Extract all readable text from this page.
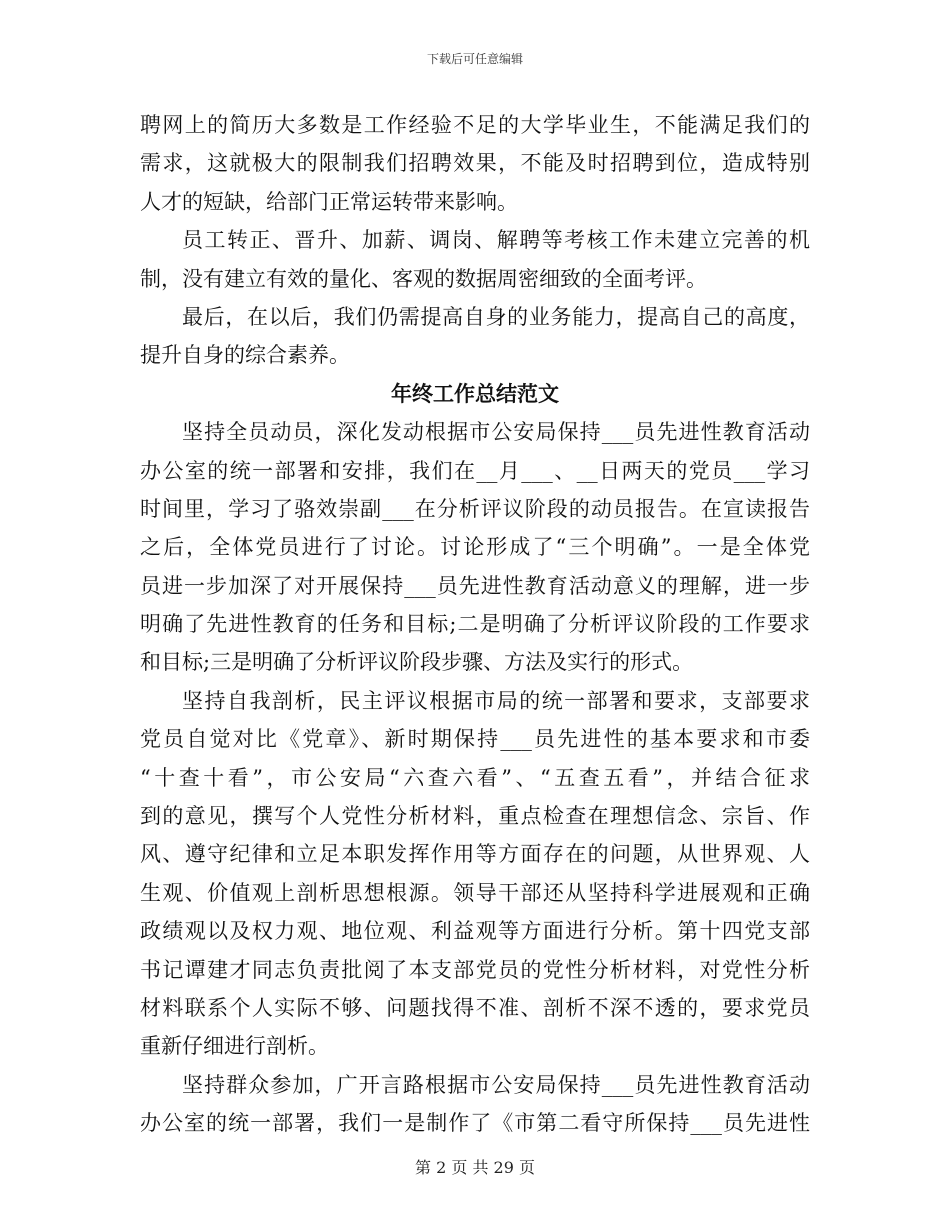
下载后可任意编辑
聘网上的简历大多数是工作经验不足的大学毕业生，不能满足我们的
需求，这就极大的限制我们招聘效果，不能及时招聘到位，造成特别
人才的短缺，给部门正常运转带来影响。
员工转正、晋升、加薪、调岗、解聘等考核工作未建立完善的机
制，没有建立有效的量化、客观的数据周密细致的全面考评。
最后，在以后，我们仍需提高自身的业务能力，提高自己的高度，
提升自身的综合素养。
年终工作总结范文
坚持全员动员，深化发动根据市公安局保持___员先进性教育活动
办公室的统一部署和安排，我们在__月___、__日两天的党员___学习
时间里，学习了骆效崇副___在分析评议阶段的动员报告。在宣读报告
之后，全体党员进行了讨论。讨论形成了“三个明确”。一是全体党
员进一步加深了对开展保持___员先进性教育活动意义的理解，进一步
明确了先进性教育的任务和目标;二是明确了分析评议阶段的工作要求
和目标;三是明确了分析评议阶段步骤、方法及实行的形式。
坚持自我剖析，民主评议根据市局的统一部署和要求，支部要求
党员自觉对比《党章》、新时期保持___员先进性的基本要求和市委
“十查十看”，市公安局“六查六看”、“五查五看”，并结合征求
到的意见，撰写个人党性分析材料，重点检查在理想信念、宗旨、作
风、遵守纪律和立足本职发挥作用等方面存在的问题，从世界观、人
生观、价值观上剖析思想根源。领导干部还从坚持科学进展观和正确
政绩观以及权力观、地位观、利益观等方面进行分析。第十四党支部
书记谭建才同志负责批阅了本支部党员的党性分析材料，对党性分析
材料联系个人实际不够、问题找得不准、剖析不深不透的，要求党员
重新仔细进行剖析。
坚持群众参加，广开言路根据市公安局保持___员先进性教育活动
办公室的统一部署，我们一是制作了《市第二看守所保持___员先进性
第 2 页 共 29 页
